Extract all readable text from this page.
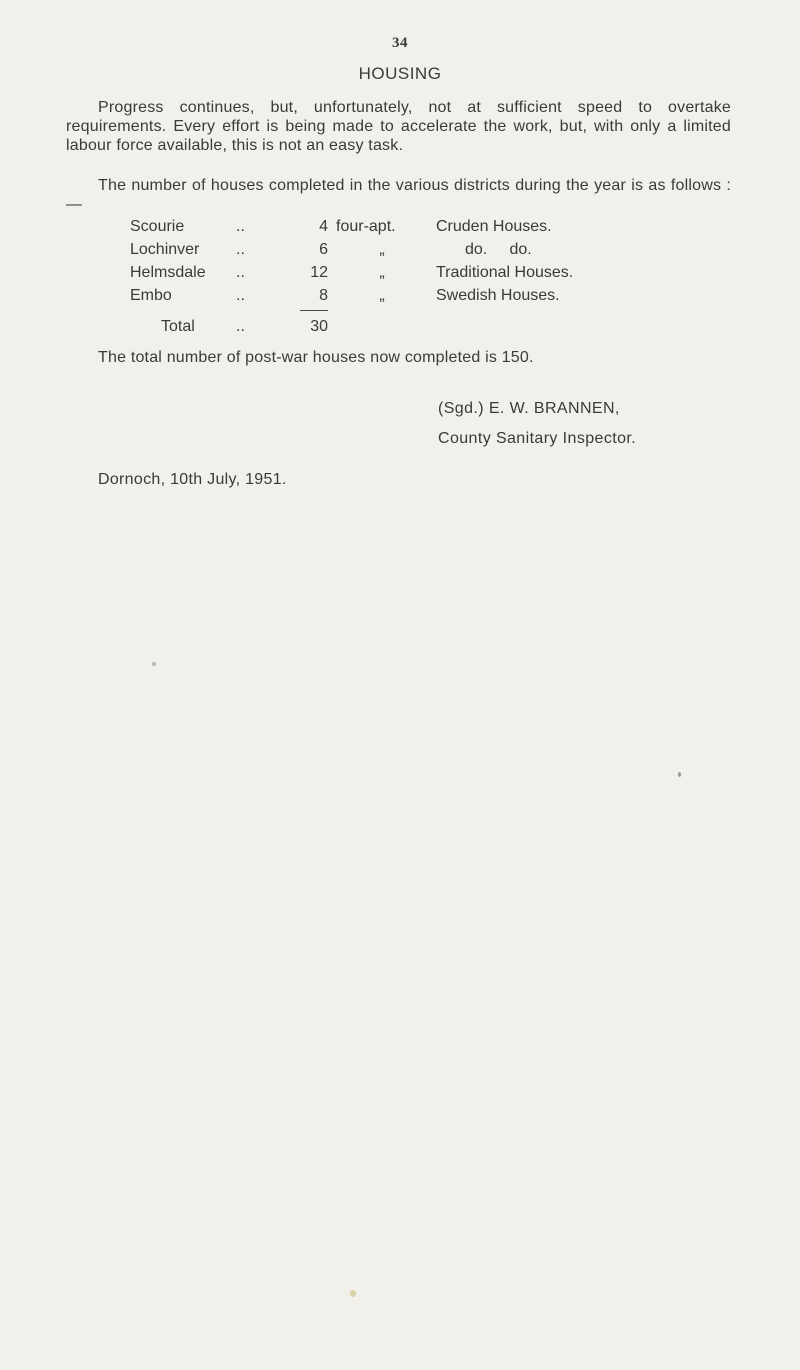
34
HOUSING

Progress continues, but, unfortunately, not at sufficient speed to overtake requirements. Every effort is being made to accelerate the work, but, with only a limited labour force available, this is not an easy task.

The number of houses completed in the various districts during the year is as follows :—

Scourie	..	4 four-apt.	Cruden Houses.
Lochinver ..	6	„	do.     do.
Helmsdale ..	12	„	Traditional Houses.
Embo	..	8	„	Swedish Houses.
Total	..	30
The total number of post-war houses now completed is 150.
(Sgd.) E. W. BRANNEN,
County Sanitary Inspector.
Dornoch, 10th July, 1951.
